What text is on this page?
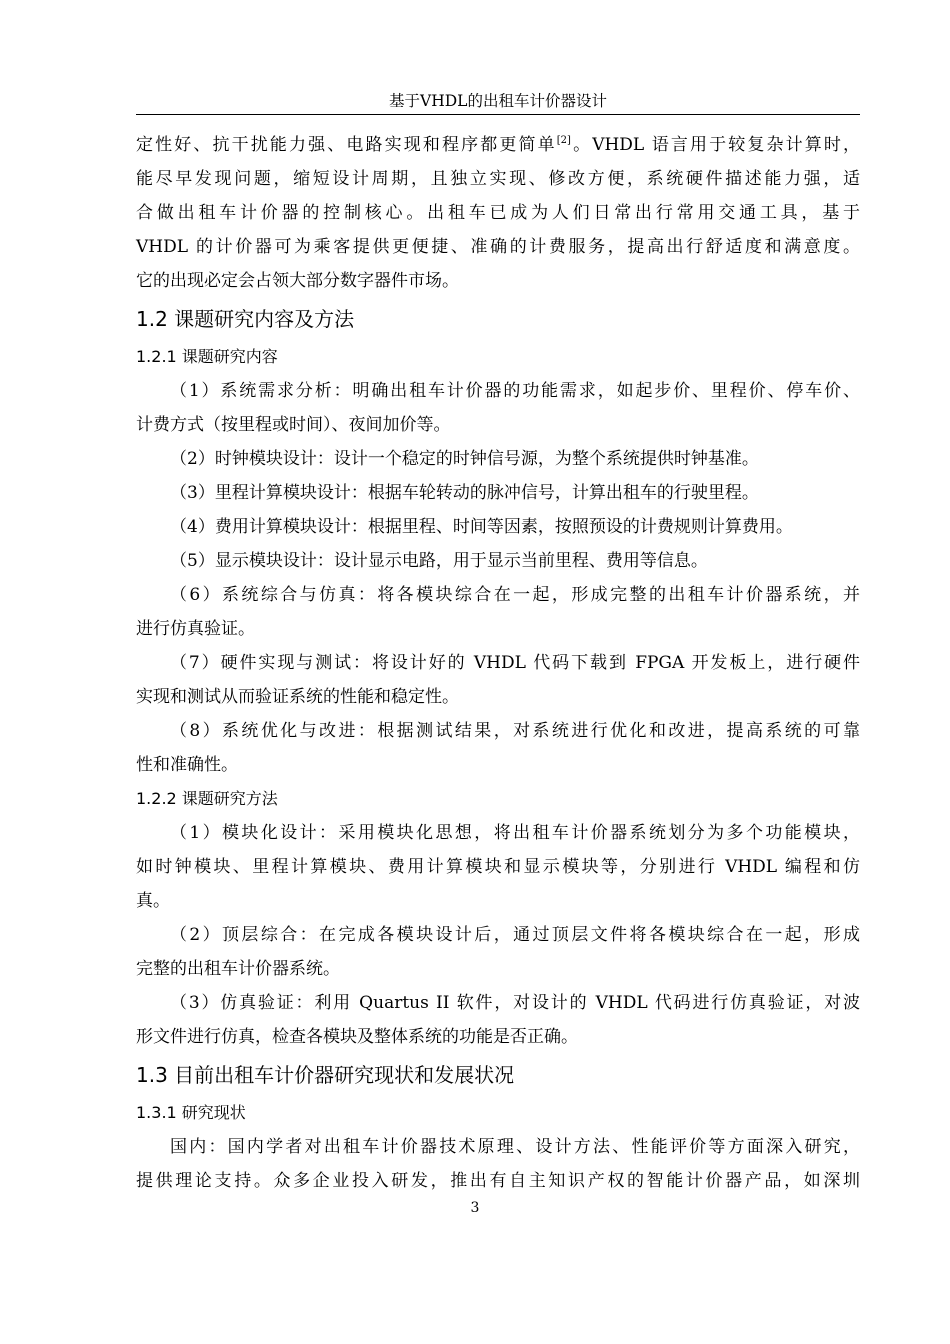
基于VHDL的出租车计价器设计
定性好、抗干扰能力强、电路实现和程序都更简单[2]。VHDL 语言用于较复杂计算时，
能尽早发现问题，缩短设计周期，且独立实现、修改方便，系统硬件描述能力强，适
合做出租车计价器的控制核心。出租车已成为人们日常出行常用交通工具，基于
VHDL 的计价器可为乘客提供更便捷、准确的计费服务，提高出行舒适度和满意度。
它的出现必定会占领大部分数字器件市场。
1.2 课题研究内容及方法
1.2.1 课题研究内容
（1）系统需求分析：明确出租车计价器的功能需求，如起步价、里程价、停车价、
计费方式（按里程或时间）、夜间加价等。
（2）时钟模块设计：设计一个稳定的时钟信号源，为整个系统提供时钟基准。
（3）里程计算模块设计：根据车轮转动的脉冲信号，计算出租车的行驶里程。
（4）费用计算模块设计：根据里程、时间等因素，按照预设的计费规则计算费用。
（5）显示模块设计：设计显示电路，用于显示当前里程、费用等信息。
（6）系统综合与仿真：将各模块综合在一起，形成完整的出租车计价器系统，并
进行仿真验证。
（7）硬件实现与测试：将设计好的 VHDL 代码下载到 FPGA 开发板上，进行硬件
实现和测试从而验证系统的性能和稳定性。
（8）系统优化与改进：根据测试结果，对系统进行优化和改进，提高系统的可靠
性和准确性。
1.2.2 课题研究方法
（1）模块化设计：采用模块化思想，将出租车计价器系统划分为多个功能模块，
如时钟模块、里程计算模块、费用计算模块和显示模块等，分别进行 VHDL 编程和仿
真。
（2）顶层综合：在完成各模块设计后，通过顶层文件将各模块综合在一起，形成
完整的出租车计价器系统。
（3）仿真验证：利用 Quartus II 软件，对设计的 VHDL 代码进行仿真验证，对波
形文件进行仿真，检查各模块及整体系统的功能是否正确。
1.3 目前出租车计价器研究现状和发展状况
1.3.1 研究现状
国内：国内学者对出租车计价器技术原理、设计方法、性能评价等方面深入研究，
提供理论支持。众多企业投入研发，推出有自主知识产权的智能计价器产品，如深圳
3
